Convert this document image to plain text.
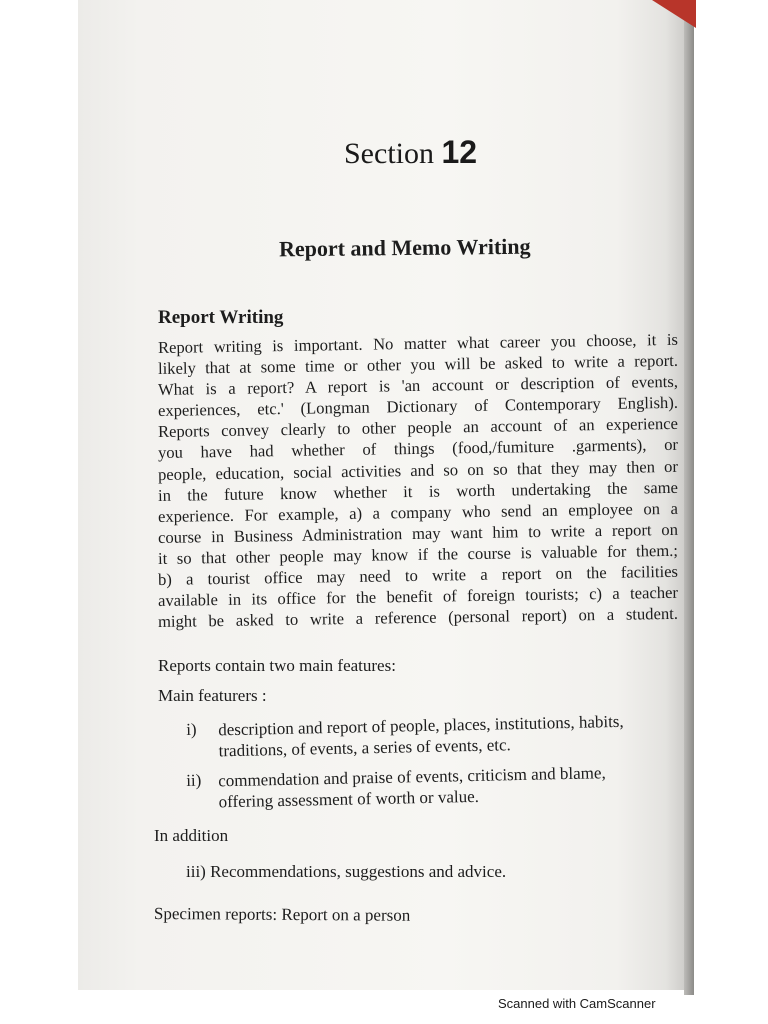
Section 12
Report and Memo Writing
Report Writing
Report writing is important. No matter what career you choose, it is
likely that at some time or other you will be asked to write a report.
What is a report? A report is 'an account or description of events,
experiences, etc.' (Longman Dictionary of Contemporary English).
Reports convey clearly to other people an account of an experience
you have had whether of things (food,/fumiture .garments), or
people, education, social activities and so on so that they may then or
in the future know whether it is worth undertaking the same
experience. For example, a) a company who send an employee on a
course in Business Administration may want him to write a report on
it so that other people may know if the course is valuable for them.;
b) a tourist office may need to write a report on the facilities
available in its office for the benefit of foreign tourists; c) a teacher
might be asked to write a reference (personal report) on a student.
Reports contain two main features:
Main featurers :
i) description and report of people, places, institutions, habits,
traditions, of events, a series of events, etc.
ii) commendation and praise of events, criticism and blame,
offering assessment of worth or value.
In addition
iii) Recommendations, suggestions and advice.
Specimen reports: Report on a person
Scanned with CamScanner
